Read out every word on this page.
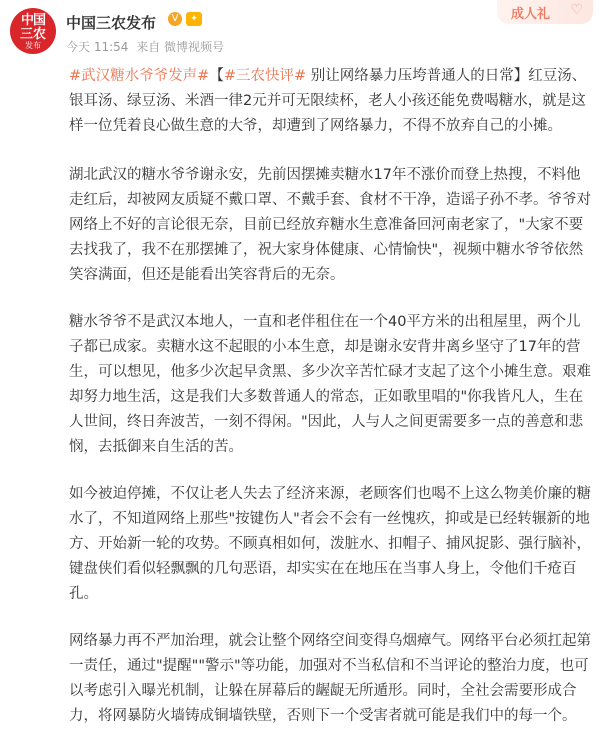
中国
三农
发布
中国三农发布	V	✦
今天 11:54 来自 微博视频号
成人礼 ♡

#武汉糖水爷爷发声#【#三农快评# 别让网络暴力压垮普通人的日常】红豆汤、银耳汤、绿豆汤、米酒一律2元并可无限续杯，老人小孩还能免费喝糖水，就是这样一位凭着良心做生意的大爷，却遭到了网络暴力，不得不放弃自己的小摊。

湖北武汉的糖水爷爷谢永安，先前因摆摊卖糖水17年不涨价而登上热搜，不料他走红后，却被网友质疑不戴口罩、不戴手套、食材不干净，造谣子孙不孝。爷爷对网络上不好的言论很无奈，目前已经放弃糖水生意准备回河南老家了，"大家不要去找我了，我不在那摆摊了，祝大家身体健康、心情愉快"，视频中糖水爷爷依然笑容满面，但还是能看出笑容背后的无奈。

糖水爷爷不是武汉本地人，一直和老伴租住在一个40平方米的出租屋里，两个儿子都已成家。卖糖水这不起眼的小本生意，却是谢永安背井离乡坚守了17年的营生，可以想见，他多少次起早贪黑、多少次辛苦忙碌才支起了这个小摊生意。艰难却努力地生活，这是我们大多数普通人的常态，正如歌里唱的"你我皆凡人，生在人世间，终日奔波苦，一刻不得闲。"因此，人与人之间更需要多一点的善意和悲悯，去抵御来自生活的苦。

如今被迫停摊，不仅让老人失去了经济来源，老顾客们也喝不上这么物美价廉的糖水了，不知道网络上那些"按键伤人"者会不会有一丝愧疚，抑或是已经转辗新的地方、开始新一轮的攻势。不顾真相如何，泼脏水、扣帽子、捕风捉影、强行脑补，键盘侠们看似轻飘飘的几句恶语，却实实在在地压在当事人身上，令他们千疮百孔。

网络暴力再不严加治理，就会让整个网络空间变得乌烟瘴气。网络平台必须扛起第一责任，通过"提醒""警示"等功能，加强对不当私信和不当评论的整治力度，也可以考虑引入曝光机制，让躲在屏幕后的龌龊无所遁形。同时，全社会需要形成合力，将网暴防火墙铸成铜墙铁壁，否则下一个受害者就可能是我们中的每一个。
